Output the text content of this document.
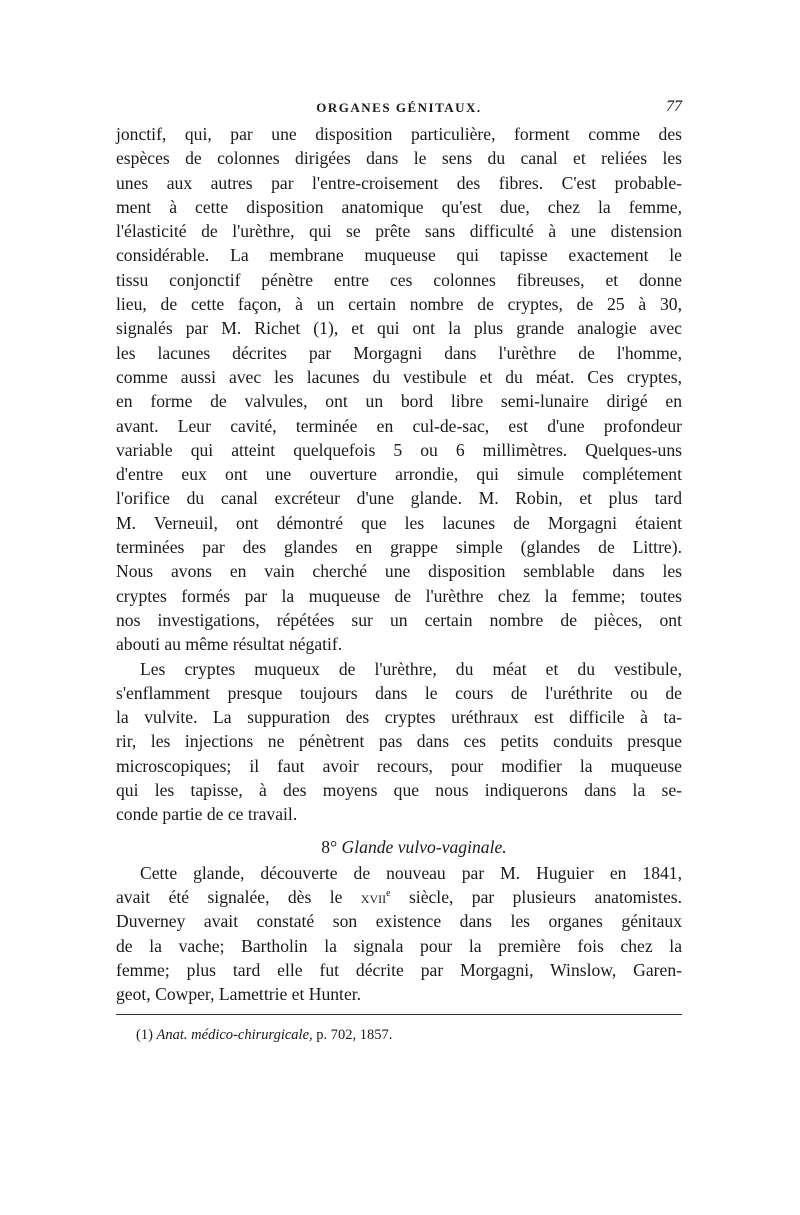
ORGANES GÉNITAUX.	77
jonctif, qui, par une disposition particulière, forment comme des
espèces de colonnes dirigées dans le sens du canal et reliées les
unes aux autres par l'entre-croisement des fibres. C'est probable-
ment à cette disposition anatomique qu'est due, chez la femme,
l'élasticité de l'urèthre, qui se prête sans difficulté à une distension
considérable. La membrane muqueuse qui tapisse exactement le
tissu conjonctif pénètre entre ces colonnes fibreuses, et donne
lieu, de cette façon, à un certain nombre de cryptes, de 25 à 30,
signalés par M. Richet (1), et qui ont la plus grande analogie avec
les lacunes décrites par Morgagni dans l'urèthre de l'homme,
comme aussi avec les lacunes du vestibule et du méat. Ces cryptes,
en forme de valvules, ont un bord libre semi-lunaire dirigé en
avant. Leur cavité, terminée en cul-de-sac, est d'une profondeur
variable qui atteint quelquefois 5 ou 6 millimètres. Quelques-uns
d'entre eux ont une ouverture arrondie, qui simule complétement
l'orifice du canal excréteur d'une glande. M. Robin, et plus tard
M. Verneuil, ont démontré que les lacunes de Morgagni étaient
terminées par des glandes en grappe simple (glandes de Littre).
Nous avons en vain cherché une disposition semblable dans les
cryptes formés par la muqueuse de l'urèthre chez la femme; toutes
nos investigations, répétées sur un certain nombre de pièces, ont
abouti au même résultat négatif.
Les cryptes muqueux de l'urèthre, du méat et du vestibule,
s'enflamment presque toujours dans le cours de l'uréthrite ou de
la vulvite. La suppuration des cryptes uréthraux est difficile à ta-
rir, les injections ne pénètrent pas dans ces petits conduits presque
microscopiques; il faut avoir recours, pour modifier la muqueuse
qui les tapisse, à des moyens que nous indiquerons dans la se-
conde partie de ce travail.
8° Glande vulvo-vaginale.
Cette glande, découverte de nouveau par M. Huguier en 1841,
avait été signalée, dès le xvii$^e$ siècle, par plusieurs anatomistes.
Duverney avait constaté son existence dans les organes génitaux
de la vache; Bartholin la signala pour la première fois chez la
femme; plus tard elle fut décrite par Morgagni, Winslow, Garen-
geot, Cowper, Lamettrie et Hunter.
(1) Anat. médico-chirurgicale, p. 702, 1857.
